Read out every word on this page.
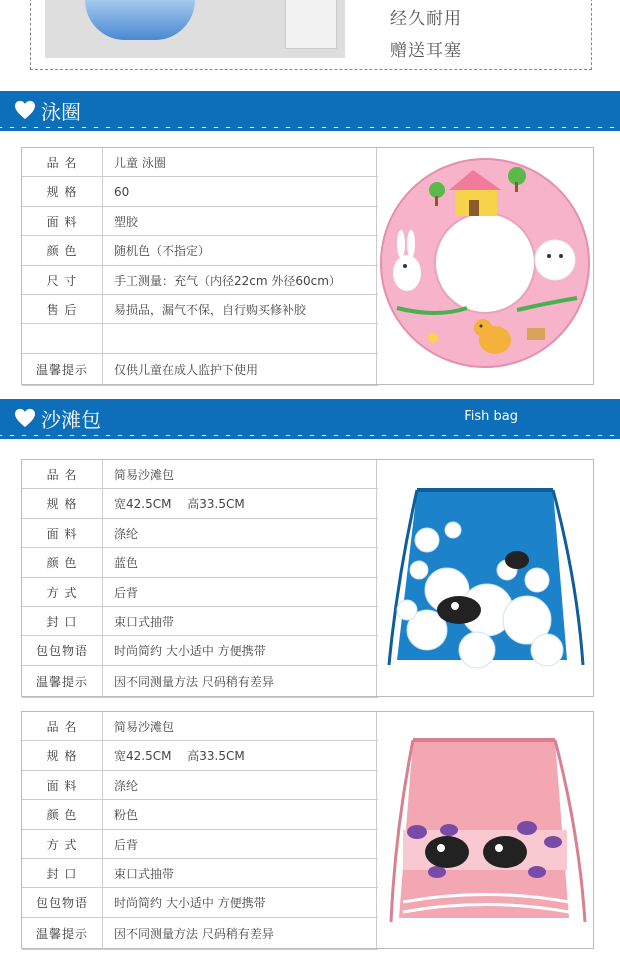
经久耐用
赠送耳塞
泳圈
品 名	儿童 泳圈
规 格	60
面 料	塑胶
颜 色	随机色（不指定）
尺 寸	手工测量：充气（内径22cm 外径60cm）
售 后	易损品，漏气不保，自行购买修补胶
温馨提示	仅供儿童在成人监护下使用
沙滩包	Fish bag
品 名	简易沙滩包
规 格	宽42.5CM　 高33.5CM
面 料	涤纶
颜 色	蓝色
方 式	后背
封 口	束口式抽带
包包物语	时尚简约 大小适中 方便携带
温馨提示	因不同测量方法 尺码稍有差异
品 名	简易沙滩包
规 格	宽42.5CM　 高33.5CM
面 料	涤纶
颜 色	粉色
方 式	后背
封 口	束口式抽带
包包物语	时尚简约 大小适中 方便携带
温馨提示	因不同测量方法 尺码稍有差异
